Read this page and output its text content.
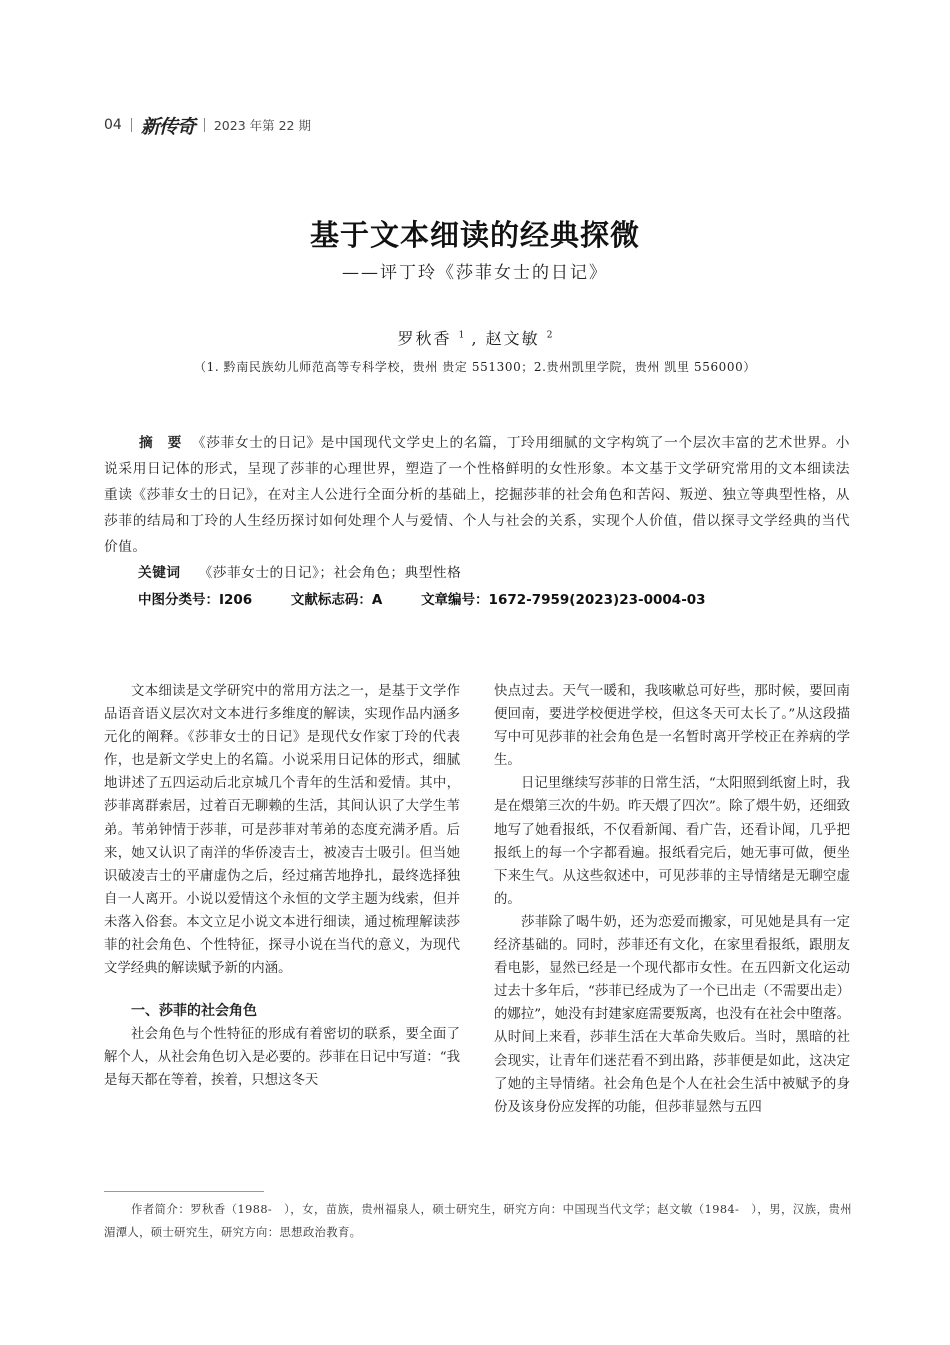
04 新传奇 2023 年第 22 期
基于文本细读的经典探微
——评丁玲《莎菲女士的日记》
罗秋香 $^1$ , 赵文敏 $^2$
（1. 黔南民族幼儿师范高等专科学校，贵州 贵定 551300；2.贵州凯里学院，贵州 凯里 556000）

摘　要 《莎菲女士的日记》是中国现代文学史上的名篇，丁玲用细腻的文字构筑了一个层次丰富的艺术世界。小说采用日记体的形式，呈现了莎菲的心理世界，塑造了一个性格鲜明的女性形象。本文基于文学研究常用的文本细读法重读《莎菲女士的日记》，在对主人公进行全面分析的基础上，挖掘莎菲的社会角色和苦闷、叛逆、独立等典型性格，从莎菲的结局和丁玲的人生经历探讨如何处理个人与爱情、个人与社会的关系，实现个人价值，借以探寻文学经典的当代价值。

关键词 《莎菲女士的日记》；社会角色；典型性格
中图分类号：I206	文献标志码：A	文章编号：1672-7959(2023)23-0004-03

文本细读是文学研究中的常用方法之一，是基于文学作品语音语义层次对文本进行多维度的解读，实现作品内涵多元化的阐释。《莎菲女士的日记》是现代女作家丁玲的代表作，也是新文学史上的名篇。小说采用日记体的形式，细腻地讲述了五四运动后北京城几个青年的生活和爱情。其中，莎菲离群索居，过着百无聊赖的生活，其间认识了大学生苇弟。苇弟钟情于莎菲，可是莎菲对苇弟的态度充满矛盾。后来，她又认识了南洋的华侨凌吉士，被凌吉士吸引。但当她识破凌吉士的平庸虚伪之后，经过痛苦地挣扎，最终选择独自一人离开。小说以爱情这个永恒的文学主题为线索，但并未落入俗套。本文立足小说文本进行细读，通过梳理解读莎菲的社会角色、个性特征，探寻小说在当代的意义，为现代文学经典的解读赋予新的内涵。

一、莎菲的社会角色

社会角色与个性特征的形成有着密切的联系，要全面了解个人，从社会角色切入是必要的。莎菲在日记中写道：“我是每天都在等着，挨着，只想这冬天

快点过去。天气一暖和，我咳嗽总可好些，那时候，要回南便回南，要进学校便进学校，但这冬天可太长了。”从这段描写中可见莎菲的社会角色是一名暂时离开学校正在养病的学生。

日记里继续写莎菲的日常生活，“太阳照到纸窗上时，我是在煨第三次的牛奶。昨天煨了四次”。除了煨牛奶，还细致地写了她看报纸，不仅看新闻、看广告，还看讣闻，几乎把报纸上的每一个字都看遍。报纸看完后，她无事可做，便坐下来生气。从这些叙述中，可见莎菲的主导情绪是无聊空虚的。

莎菲除了喝牛奶，还为恋爱而搬家，可见她是具有一定经济基础的。同时，莎菲还有文化，在家里看报纸，跟朋友看电影，显然已经是一个现代都市女性。在五四新文化运动过去十多年后，“莎菲已经成为了一个已出走（不需要出走）的娜拉”，她没有封建家庭需要叛离，也没有在社会中堕落。从时间上来看，莎菲生活在大革命失败后。当时，黑暗的社会现实，让青年们迷茫看不到出路，莎菲便是如此，这决定了她的主导情绪。社会角色是个人在社会生活中被赋予的身份及该身份应发挥的功能，但莎菲显然与五四

作者简介：罗秋香（1988-　），女，苗族，贵州福泉人，硕士研究生，研究方向：中国现当代文学；赵文敏（1984-　），男，汉族，贵州湄潭人，硕士研究生，研究方向：思想政治教育。
